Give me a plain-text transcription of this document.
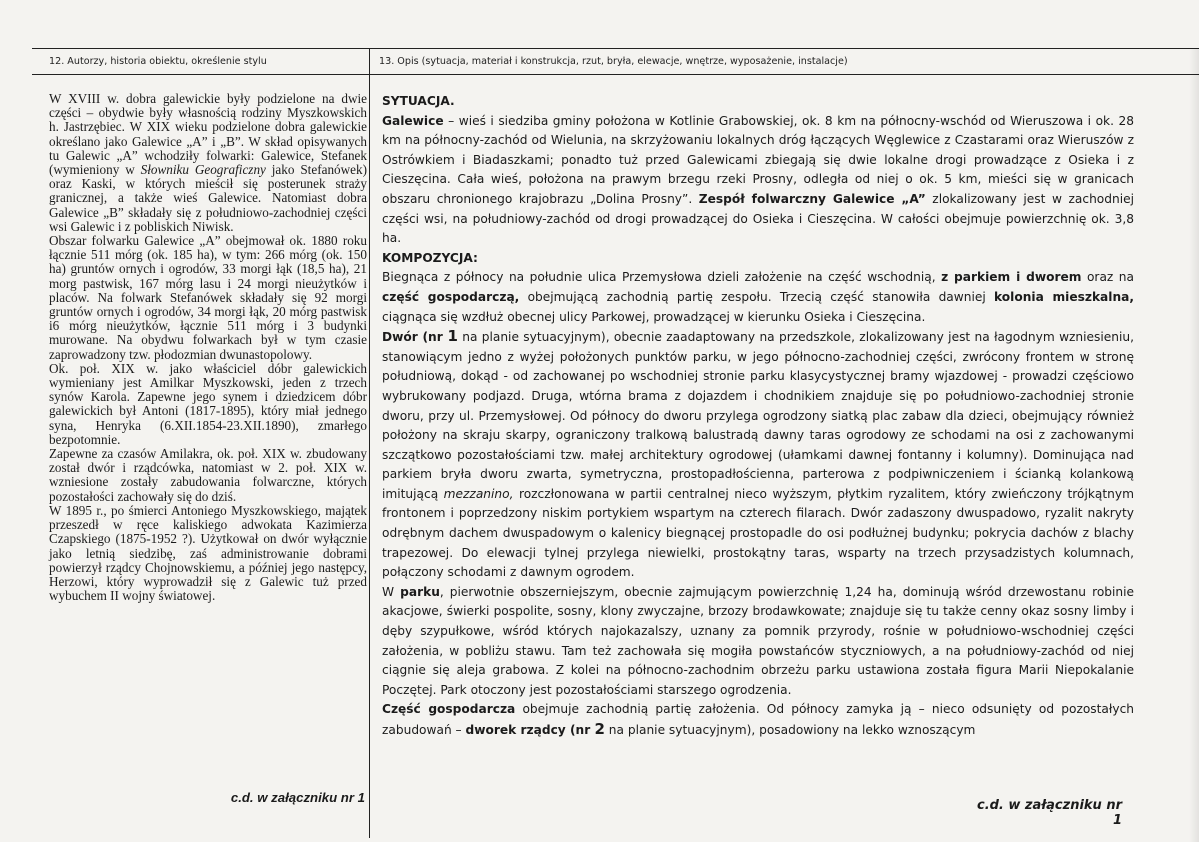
12. Autorzy, historia obiektu, określenie stylu	13. Opis (sytuacja, materiał i konstrukcja, rzut, bryła, elewacje, wnętrze, wyposażenie, instalacje)

W XVIII w. dobra galewickie były podzielone na dwie części – obydwie były własnością rodziny Myszkowskich h. Jastrzębiec. W XIX wieku podzielone dobra galewickie określano jako Galewice „A” i „B”. W skład opisywanych tu Galewic „A” wchodziły folwarki: Galewice, Stefanek (wymieniony w Słowniku Geograficzny jako Stefanówek) oraz Kaski, w których mieścił się posterunek straży granicznej, a także wieś Galewice. Natomiast dobra Galewice „B” składały się z południowo-zachodniej części wsi Galewic i z pobliskich Niwisk.

Obszar folwarku Galewice „A” obejmował ok. 1880 roku łącznie 511 mórg (ok. 185 ha), w tym: 266 mórg (ok. 150 ha) gruntów ornych i ogrodów, 33 morgi łąk (18,5 ha), 21 morg pastwisk, 167 mórg lasu i 24 morgi nieużytków i placów. Na folwark Stefanówek składały się 92 morgi gruntów ornych i ogrodów, 34 morgi łąk, 20 mórg pastwisk i6 mórg nieużytków, łącznie 511 mórg i 3 budynki murowane. Na obydwu folwarkach był w tym czasie zaprowadzony tzw. płodozmian dwunastopolowy.

Ok. poł. XIX w. jako właściciel dóbr galewickich wymieniany jest Amilkar Myszkowski, jeden z trzech synów Karola. Zapewne jego synem i dziedzicem dóbr galewickich był Antoni (1817-1895), który miał jednego syna, Henryka (6.XII.1854-23.XII.1890), zmarłego bezpotomnie.

Zapewne za czasów Amilakra, ok. poł. XIX w. zbudowany został dwór i rządcówka, natomiast w 2. poł. XIX w. wzniesione zostały zabudowania folwarczne, których pozostałości zachowały się do dziś.

W 1895 r., po śmierci Antoniego Myszkowskiego, majątek przeszedł w ręce kaliskiego adwokata Kazimierza Czapskiego (1875-1952 ?). Użytkował on dwór wyłącznie jako letnią siedzibę, zaś administrowanie dobrami powierzył rządcy Chojnowskiemu, a później jego następcy, Herzowi, który wyprowadził się z Galewic tuż przed wybuchem II wojny światowej.

c.d. w załączniku nr 1
SYTUACJA.

Galewice – wieś i siedziba gminy położona w Kotlinie Grabowskiej, ok. 8 km na północny-wschód od Wieruszowa i ok. 28 km na północny-zachód od Wielunia, na skrzyżowaniu lokalnych dróg łączących Węglewice z Czastarami oraz Wieruszów z Ostrówkiem i Biadaszkami; ponadto tuż przed Galewicami zbiegają się dwie lokalne drogi prowadzące z Osieka i z Cieszęcina. Cała wieś, położona na prawym brzegu rzeki Prosny, odległa od niej o ok. 5 km, mieści się w granicach obszaru chronionego krajobrazu „Dolina Prosny”. Zespół folwarczny Galewice „A” zlokalizowany jest w zachodniej części wsi, na południowy-zachód od drogi prowadzącej do Osieka i Cieszęcina. W całości obejmuje powierzchnię ok. 3,8 ha.

KOMPOZYCJA:

Biegnąca z północy na południe ulica Przemysłowa dzieli założenie na część wschodnią, z parkiem i dworem oraz na część gospodarczą, obejmującą zachodnią partię zespołu. Trzecią część stanowiła dawniej kolonia mieszkalna, ciągnąca się wzdłuż obecnej ulicy Parkowej, prowadzącej w kierunku Osieka i Cieszęcina.

Dwór (nr 1 na planie sytuacyjnym), obecnie zaadaptowany na przedszkole, zlokalizowany jest na łagodnym wzniesieniu, stanowiącym jedno z wyżej położonych punktów parku, w jego północno-zachodniej części, zwrócony frontem w stronę południową, dokąd - od zachowanej po wschodniej stronie parku klasycystycznej bramy wjazdowej - prowadzi częściowo wybrukowany podjazd. Druga, wtórna brama z dojazdem i chodnikiem znajduje się po południowo-zachodniej stronie dworu, przy ul. Przemysłowej. Od północy do dworu przylega ogrodzony siatką plac zabaw dla dzieci, obejmujący również położony na skraju skarpy, ograniczony tralkową balustradą dawny taras ogrodowy ze schodami na osi z zachowanymi szczątkowo pozostałościami tzw. małej architektury ogrodowej (ułamkami dawnej fontanny i kolumny). Dominująca nad parkiem bryła dworu zwarta, symetryczna, prostopadłościenna, parterowa z podpiwniczeniem i ścianką kolankową imitującą mezzanino, rozczłonowana w partii centralnej nieco wyższym, płytkim ryzalitem, który zwieńczony trójkątnym frontonem i poprzedzony niskim portykiem wspartym na czterech filarach. Dwór zadaszony dwuspadowo, ryzalit nakryty odrębnym dachem dwuspadowym o kalenicy biegnącej prostopadle do osi podłużnej budynku; pokrycia dachów z blachy trapezowej. Do elewacji tylnej przylega niewielki, prostokątny taras, wsparty na trzech przysadzistych kolumnach, połączony schodami z dawnym ogrodem.

W parku, pierwotnie obszerniejszym, obecnie zajmującym powierzchnię 1,24 ha, dominują wśród drzewostanu robinie akacjowe, świerki pospolite, sosny, klony zwyczajne, brzozy brodawkowate; znajduje się tu także cenny okaz sosny limby i dęby szypułkowe, wśród których najokazalszy, uznany za pomnik przyrody, rośnie w południowo-wschodniej części założenia, w pobliżu stawu. Tam też zachowała się mogiła powstańców styczniowych, a na południowy-zachód od niej ciągnie się aleja grabowa. Z kolei na północno-zachodnim obrzeżu parku ustawiona została figura Marii Niepokalanie Poczętej. Park otoczony jest pozostałościami starszego ogrodzenia.

Część gospodarcza obejmuje zachodnią partię założenia. Od północy zamyka ją – nieco odsunięty od pozostałych zabudowań – dworek rządcy (nr 2 na planie sytuacyjnym), posadowiony na lekko wznoszącym

c.d. w załączniku nr 1
